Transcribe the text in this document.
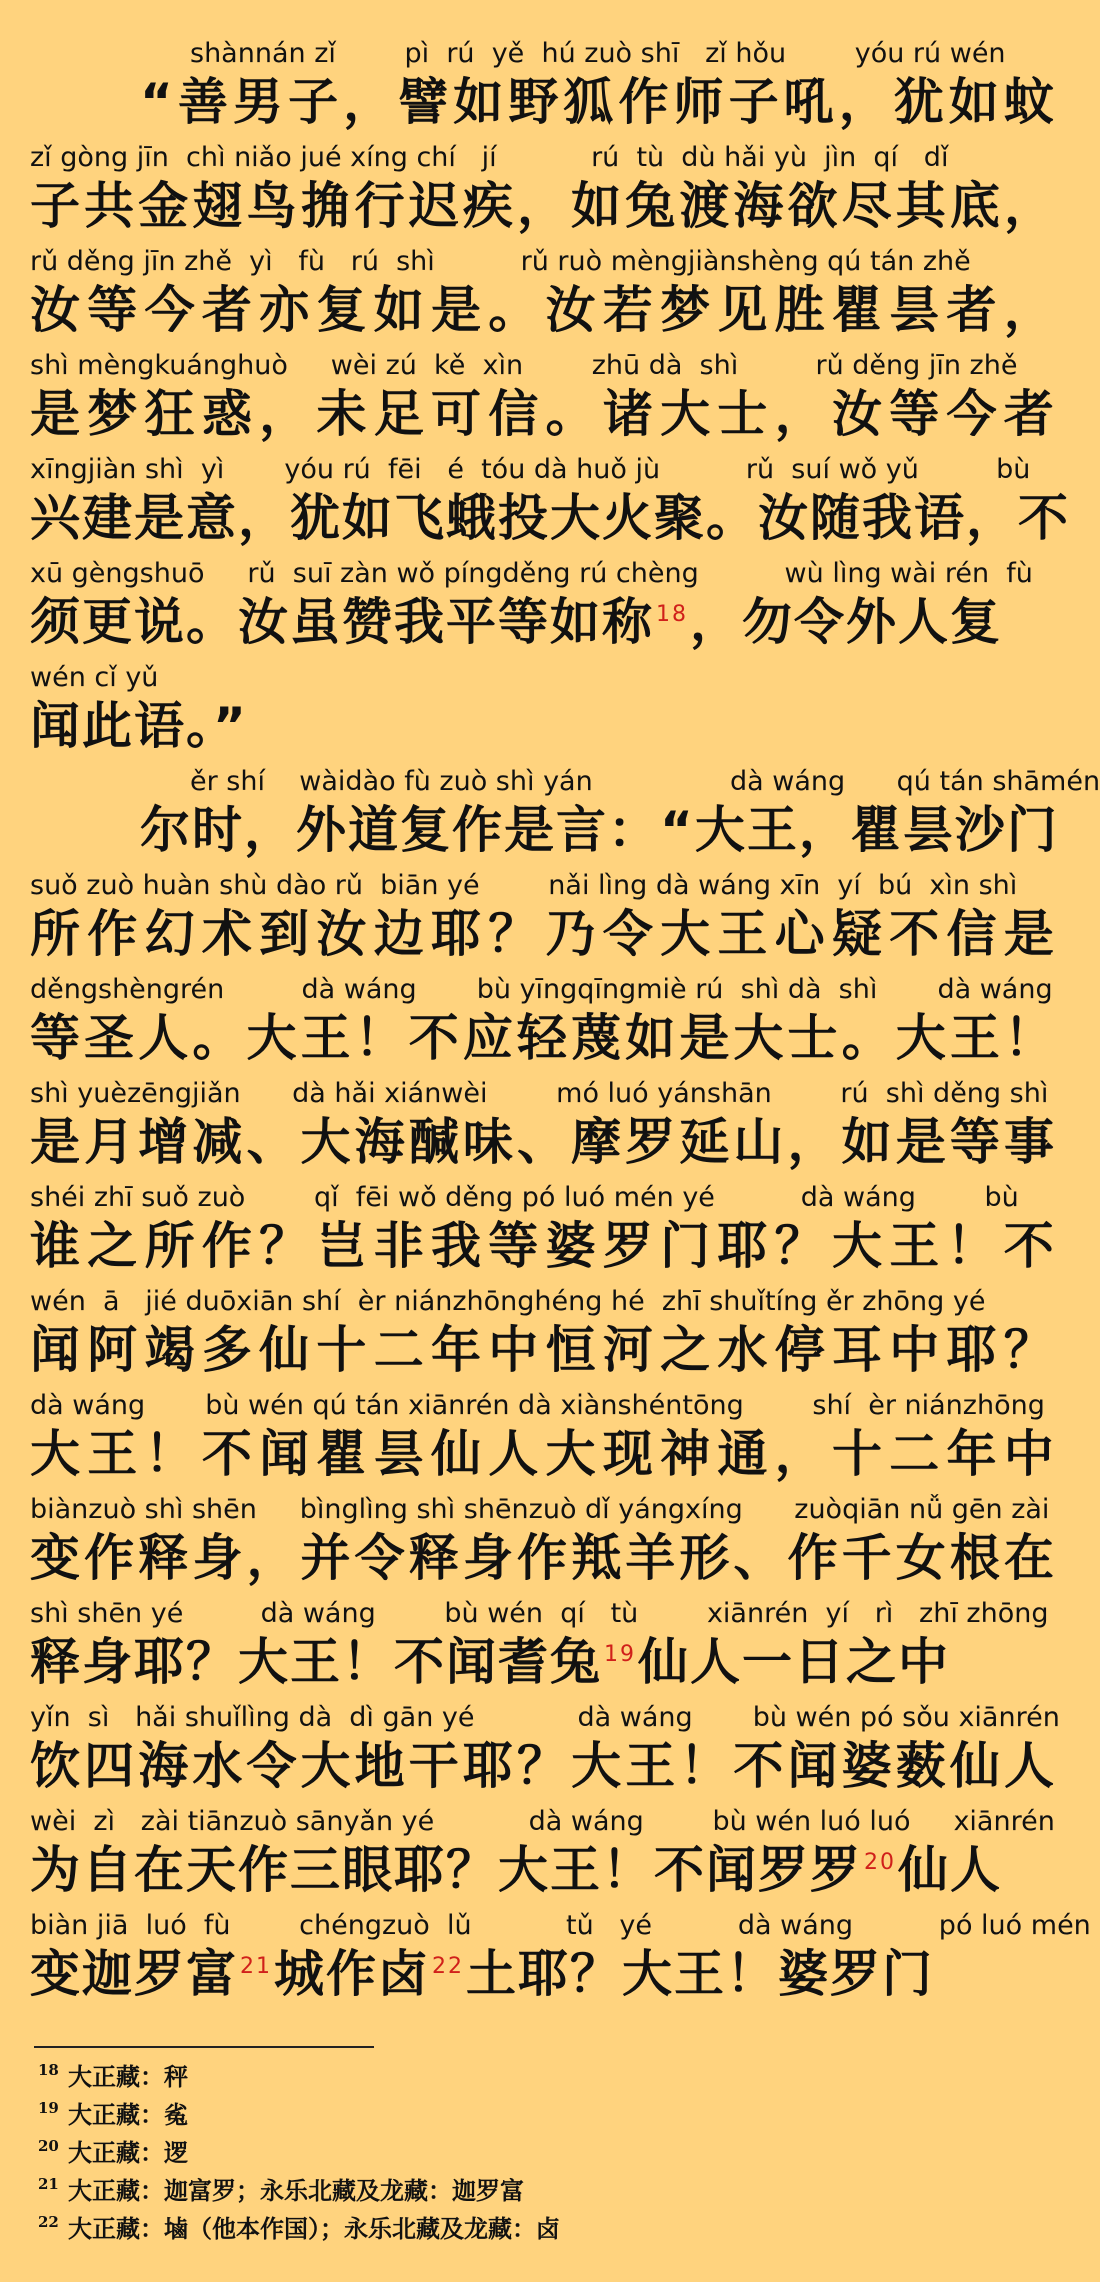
shànnán zǐ        pì  rú  yě  hú zuò shī   zǐ hǒu        yóu rú wén
“ 善 男 子 ， 譬 如 野 狐 作 师 子 吼 ， 犹 如 蚊
zǐ gòng jīn  chì niǎo jué xíng chí   jí           rú  tù  dù hǎi yù  jìn  qí   dǐ
子 共 金 翅 鸟 捔 行 迟 疾 ， 如 兔 渡 海 欲 尽 其 底 ，
rǔ děng jīn zhě  yì   fù   rú  shì          rǔ ruò mèngjiànshèng qú tán zhě
汝 等 今 者 亦 复 如 是 。 汝 若 梦 见 胜 瞿 昙 者 ，
shì mèngkuánghuò     wèi zú  kě  xìn        zhū dà  shì         rǔ děng jīn zhě
是 梦 狂 惑 ， 未 足 可 信 。 诸 大 士 ， 汝 等 今 者
xīngjiàn shì  yì       yóu rú  fēi   é  tóu dà huǒ jù          rǔ  suí wǒ yǔ         bù
兴 建 是 意 ， 犹 如 飞 蛾 投 大 火 聚 。 汝 随 我 语 ， 不
xū gèngshuō     rǔ  suī zàn wǒ píngděng rú chèng          wù lìng wài rén  fù
须更说。汝虽赞我平等如称$^{18}$，勿令外人复
wén cǐ yǔ
闻此语。”
ěr shí    wàidào fù zuò shì yán                dà wáng      qú tán shāmén
尔时，外道复作是言：“大王，瞿昙沙门
suǒ zuò huàn shù dào rǔ  biān yé        nǎi lìng dà wáng xīn  yí  bú  xìn shì
所 作 幻 术 到 汝 边 耶 ？ 乃 令 大 王 心 疑 不 信 是
děngshèngrén         dà wáng       bù yīngqīngmiè rú  shì dà  shì       dà wáng
等 圣 人 。 大 王 ！ 不 应 轻 蔑 如 是 大 士 。 大 王 ！
shì yuèzēngjiǎn      dà hǎi xiánwèi        mó luó yánshān        rú  shì děng shì
是 月 增 减 、 大 海 醎 味 、 摩 罗 延 山 ， 如 是 等 事
shéi zhī suǒ zuò        qǐ  fēi wǒ děng pó luó mén yé          dà wáng        bù
谁 之 所 作 ？ 岂 非 我 等 婆 罗 门 耶 ？ 大 王 ！ 不
wén  ā   jié duōxiān shí  èr niánzhōnghéng hé  zhī shuǐtíng ěr zhōng yé
闻 阿 竭 多 仙 十 二 年 中 恒 河 之 水 停 耳 中 耶 ？
dà wáng       bù wén qú tán xiānrén dà xiànshéntōng        shí  èr niánzhōng
大 王 ！ 不 闻 瞿 昙 仙 人 大 现 神 通 ， 十 二 年 中
biànzuò shì shēn     bìnglìng shì shēnzuò dǐ yángxíng      zuòqiān nǚ gēn zài
变 作 释 身 ， 并 令 释 身 作 羝 羊 形 、 作 千 女 根 在
shì shēn yé         dà wáng        bù wén  qí   tù        xiānrén  yí   rì   zhī zhōng
释身耶？大王！不闻耆兔$^{19}$仙人一日之中
yǐn  sì   hǎi shuǐlìng dà  dì gān yé            dà wáng       bù wén pó sǒu xiānrén
饮 四 海 水 令 大 地 干 耶 ？ 大 王 ！ 不 闻 婆 薮 仙 人
wèi  zì   zài tiānzuò sānyǎn yé           dà wáng        bù wén luó luó     xiānrén
为自在天作三眼耶？大王！不闻罗罗$^{20}$仙人
biàn jiā  luó  fù        chéngzuò  lǔ           tǔ   yé          dà wáng          pó luó mén
变迦罗富$^{21}$城作卤$^{22}$土耶？大王！婆罗门
18 大正藏：秤
19 大正藏：㝹
20 大正藏：逻
21 大正藏：迦富罗；永乐北藏及龙藏：迦罗富
22 大正藏：塷（他本作国）；永乐北藏及龙藏：卤
